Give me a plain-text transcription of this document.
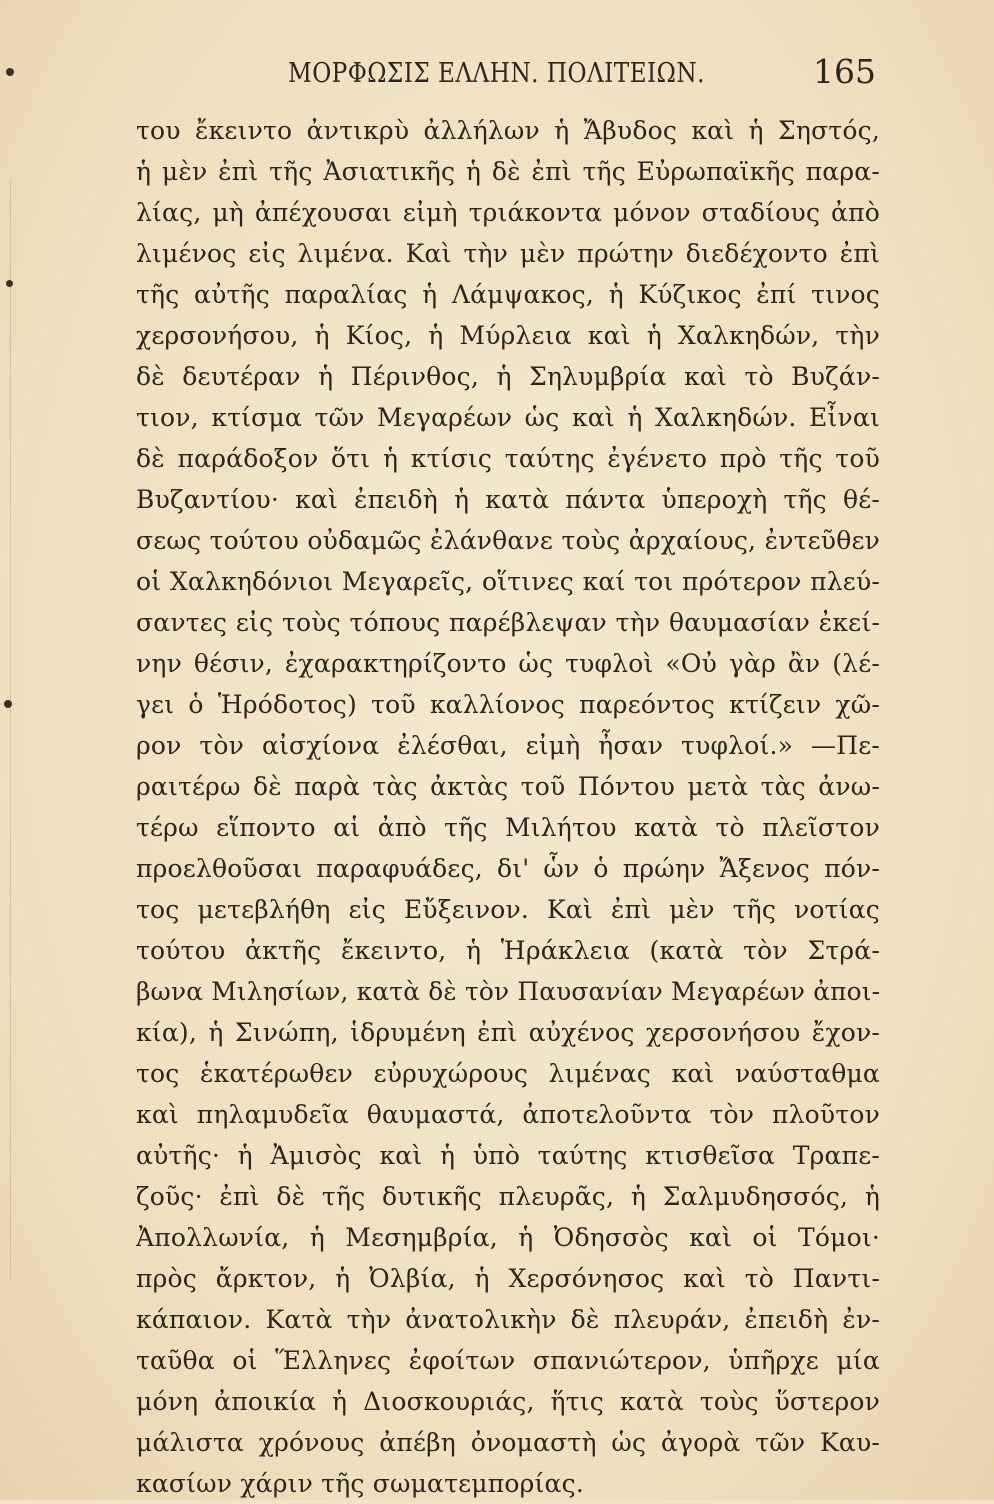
ΜΟΡΦΩΣΙΣ ΕΛΛΗΝ. ΠΟΛΙΤΕΙΩΝ.	165
του ἔκειντο ἀντικρὺ ἀλλήλων ἡ Ἄβυδος καὶ ἡ Σηστός,
ἡ μὲν ἐπὶ τῆς Ἀσιατικῆς ἡ δὲ ἐπὶ τῆς Εὐρωπαϊκῆς παρα-
λίας, μὴ ἀπέχουσαι εἰμὴ τριάκοντα μόνον σταδίους ἀπὸ
λιμένος εἰς λιμένα. Καὶ τὴν μὲν πρώτην διεδέχοντο ἐπὶ
τῆς αὐτῆς παραλίας ἡ Λάμψακος, ἡ Κύζικος ἐπί τινος
χερσονήσου, ἡ Κίος, ἡ Μύρλεια καὶ ἡ Χαλκηδών, τὴν
δὲ δευτέραν ἡ Πέρινθος, ἡ Σηλυμβρία καὶ τὸ Βυζάν-
τιον, κτίσμα τῶν Μεγαρέων ὡς καὶ ἡ Χαλκηδών. Εἶναι
δὲ παράδοξον ὅτι ἡ κτίσις ταύτης ἐγένετο πρὸ τῆς τοῦ
Βυζαντίου· καὶ ἐπειδὴ ἡ κατὰ πάντα ὑπεροχὴ τῆς θέ-
σεως τούτου οὐδαμῶς ἐλάνθανε τοὺς ἀρχαίους, ἐντεῦθεν
οἱ Χαλκηδόνιοι Μεγαρεῖς, οἵτινες καί τοι πρότερον πλεύ-
σαντες εἰς τοὺς τόπους παρέβλεψαν τὴν θαυμασίαν ἐκεί-
νην θέσιν, ἐχαρακτηρίζοντο ὡς τυφλοὶ «Οὐ γὰρ ἂν (λέ-
γει ὁ Ἡρόδοτος) τοῦ καλλίονος παρεόντος κτίζειν χῶ-
ρον τὸν αἰσχίονα ἐλέσθαι, εἰμὴ ἦσαν τυφλοί.» —Πε-
ραιτέρω δὲ παρὰ τὰς ἀκτὰς τοῦ Πόντου μετὰ τὰς ἀνω-
τέρω εἵποντο αἱ ἀπὸ τῆς Μιλήτου κατὰ τὸ πλεῖστον
προελθοῦσαι παραφυάδες, δι' ὧν ὁ πρώην Ἄξενος πόν-
τος μετεβλήθη εἰς Εὔξεινον. Καὶ ἐπὶ μὲν τῆς νοτίας
τούτου ἀκτῆς ἔκειντο, ἡ Ἡράκλεια (κατὰ τὸν Στρά-
βωνα Μιλησίων, κατὰ δὲ τὸν Παυσανίαν Μεγαρέων ἀποι-
κία), ἡ Σινώπη, ἱδρυμένη ἐπὶ αὐχένος χερσονήσου ἔχον-
τος ἑκατέρωθεν εὐρυχώρους λιμένας καὶ ναύσταθμα
καὶ πηλαμυδεῖα θαυμαστά, ἀποτελοῦντα τὸν πλοῦτον
αὐτῆς· ἡ Ἀμισὸς καὶ ἡ ὑπὸ ταύτης κτισθεῖσα Τραπε-
ζοῦς· ἐπὶ δὲ τῆς δυτικῆς πλευρᾶς, ἡ Σαλμυδησσός, ἡ
Ἀπολλωνία, ἡ Μεσημβρία, ἡ Ὀδησσὸς καὶ οἱ Τόμοι·
πρὸς ἄρκτον, ἡ Ὀλβία, ἡ Χερσόνησος καὶ τὸ Παντι-
κάπαιον. Κατὰ τὴν ἀνατολικὴν δὲ πλευράν, ἐπειδὴ ἐν-
ταῦθα οἱ Ἕλληνες ἐφοίτων σπανιώτερον, ὑπῆρχε μία
μόνη ἀποικία ἡ Διοσκουριάς, ἥτις κατὰ τοὺς ὕστερον
μάλιστα χρόνους ἀπέβη ὀνομαστὴ ὡς ἀγορὰ τῶν Καυ-
κασίων χάριν τῆς σωματεμπορίας.
